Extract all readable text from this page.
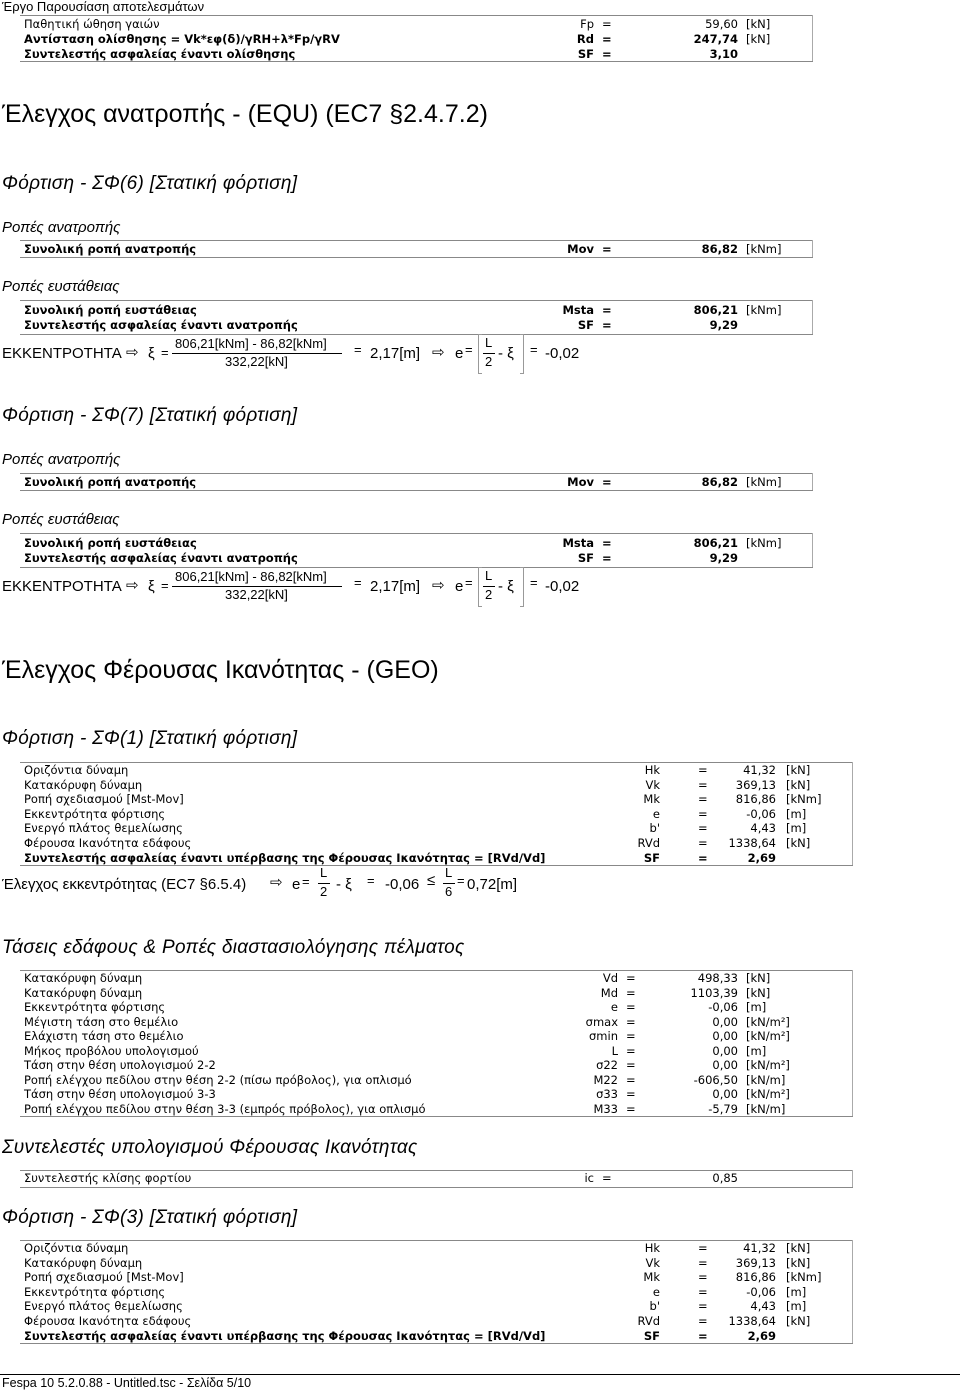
Έργο Παρουσίαση αποτελεσμάτων
Παθητική ώθηση γαιών	Fp =	59,60 [kN]
Αντίσταση ολίσθησης = Vk*εφ(δ)/γRH+λ*Fp/γRV	Rd =	247,74 [kN]
Συντελεστής ασφαλείας έναντι ολίσθησης	SF =	3,10
Έλεγχος ανατροπής - (EQU) (EC7 §2.4.7.2)
Φόρτιση - ΣΦ(6) [Στατική φόρτιση]
Ροπές ανατροπής
Συνολική ροπή ανατροπής	Mov =	86,82 [kNm]
Ροπές ευστάθειας
Συνολική ροπή ευστάθειας	Msta =	806,21 [kNm]
Συντελεστής ασφαλείας έναντι ανατροπής	SF =	9,29
ΕΚΚΕΝΤΡΟΤΗΤΑ ⇨ ξ =
806,21[kNm] - 86,82[kNm]
332,22[kN]
= 2,17[m] ⇨ e = L
2 - ξ = -0,02
Φόρτιση - ΣΦ(7) [Στατική φόρτιση]
Ροπές ανατροπής
Συνολική ροπή ανατροπής	Mov =	86,82 [kNm]
Ροπές ευστάθειας
Συνολική ροπή ευστάθειας	Msta =	806,21 [kNm]
Συντελεστής ασφαλείας έναντι ανατροπής	SF =	9,29
ΕΚΚΕΝΤΡΟΤΗΤΑ ⇨ ξ =
806,21[kNm] - 86,82[kNm]
332,22[kN]
= 2,17[m] ⇨ e = L
2 - ξ = -0,02
Έλεγχος Φέρουσας Ικανότητας - (GEO)
Φόρτιση - ΣΦ(1) [Στατική φόρτιση]
Οριζόντια δύναμη	Hk	=	41,32 [kN]
Κατακόρυφη δύναμη	Vk	= 369,13 [kN]
Ροπή σχεδιασμού [Mst-Mov]	Mk	= 816,86 [kNm]
Εκκεντρότητα φόρτισης	e	=	-0,06 [m]
Ενεργό πλάτος θεμελίωσης	b'	=	4,43 [m]
Φέρουσα Ικανότητα εδάφους	RVd	= 1338,64 [kN]
Συντελεστής ασφαλείας έναντι υπέρβασης της Φέρουσας Ικανότητας = [RVd/Vd]	SF	=	2,69
Έλεγχος εκκεντρότητας (EC7 §6.5.4) ⇨ e =
L
2 - ξ = -0,06 ≤ L
6
= 0,72[m]
Τάσεις εδάφους & Ροπές διαστασιολόγησης πέλματος
Κατακόρυφη δύναμη	Vd =	498,33 [kN]
Κατακόρυφη δύναμη	Md =	1103,39 [kN]
Εκκεντρότητα φόρτισης	e =	-0,06 [m]
Μέγιστη τάση στο θεμέλιο	σmax =	0,00 [kN/m²]
Ελάχιστη τάση στο θεμέλιο	σmin =	0,00 [kN/m²]
Μήκος προβόλου υπολογισμού	L =	0,00 [m]
Τάση στην θέση υπολογισμού 2-2	σ22 =	0,00 [kN/m²]
Ροπή ελέγχου πεδίλου στην θέση 2-2 (πίσω πρόβολος), για οπλισμό	M22 =	-606,50 [kN/m]
Τάση στην θέση υπολογισμού 3-3	σ33 =	0,00 [kN/m²]
Ροπή ελέγχου πεδίλου στην θέση 3-3 (εμπρός πρόβολος), για οπλισμό	M33 =	-5,79 [kN/m]
Συντελεστές υπολογισμού Φέρουσας Ικανότητας
Συντελεστής κλίσης φορτίου	ic =	0,85
Φόρτιση - ΣΦ(3) [Στατική φόρτιση]
Οριζόντια δύναμη	Hk	=	41,32 [kN]
Κατακόρυφη δύναμη	Vk	= 369,13 [kN]
Ροπή σχεδιασμού [Mst-Mov]	Mk	= 816,86 [kNm]
Εκκεντρότητα φόρτισης	e	=	-0,06 [m]
Ενεργό πλάτος θεμελίωσης	b'	=	4,43 [m]
Φέρουσα Ικανότητα εδάφους	RVd	= 1338,64 [kN]
Συντελεστής ασφαλείας έναντι υπέρβασης της Φέρουσας Ικανότητας = [RVd/Vd]	SF	=	2,69
Fespa 10 5.2.0.88 - Untitled.tsc - Σελίδα 5/10
